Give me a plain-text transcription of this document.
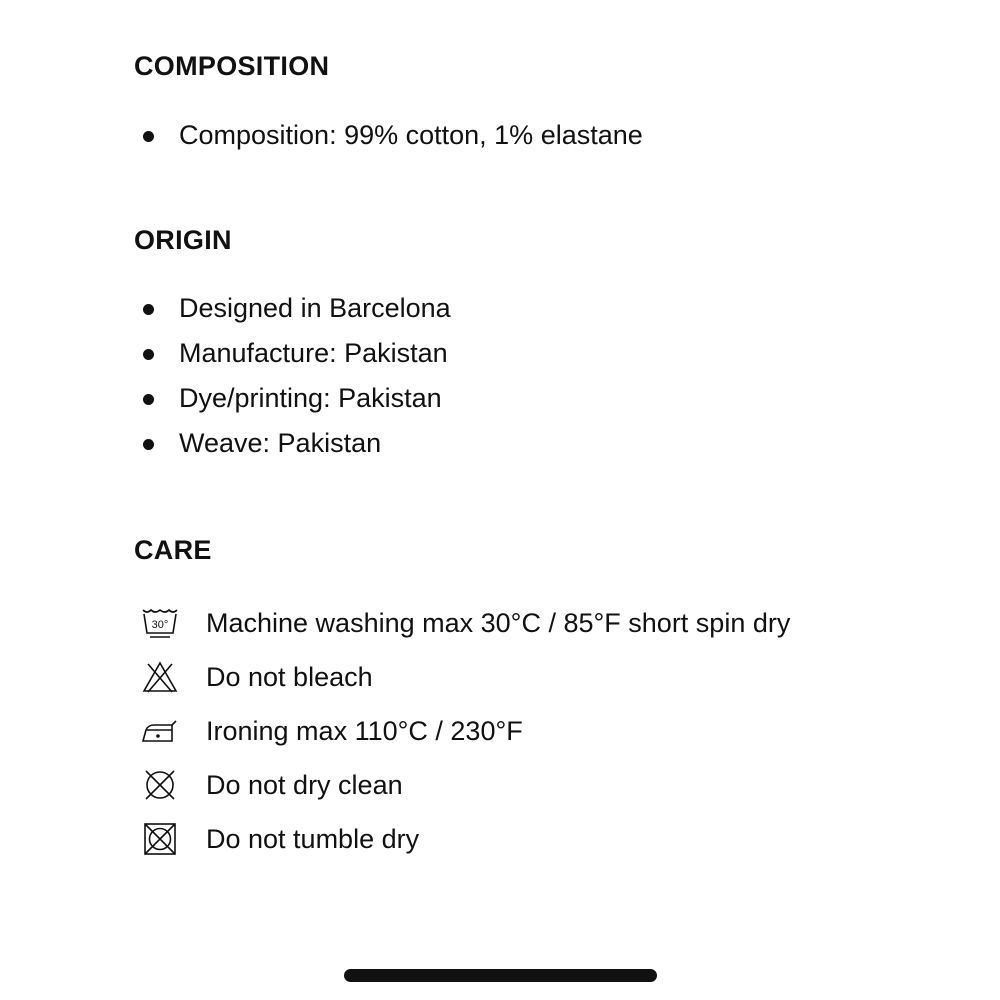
COMPOSITION
Composition: 99% cotton, 1% elastane
ORIGIN
Designed in Barcelona
Manufacture: Pakistan
Dye/printing: Pakistan
Weave: Pakistan
CARE
30° Machine washing max 30°C / 85°F short spin dry
Do not bleach
Ironing max 110°C / 230°F
Do not dry clean
Do not tumble dry
